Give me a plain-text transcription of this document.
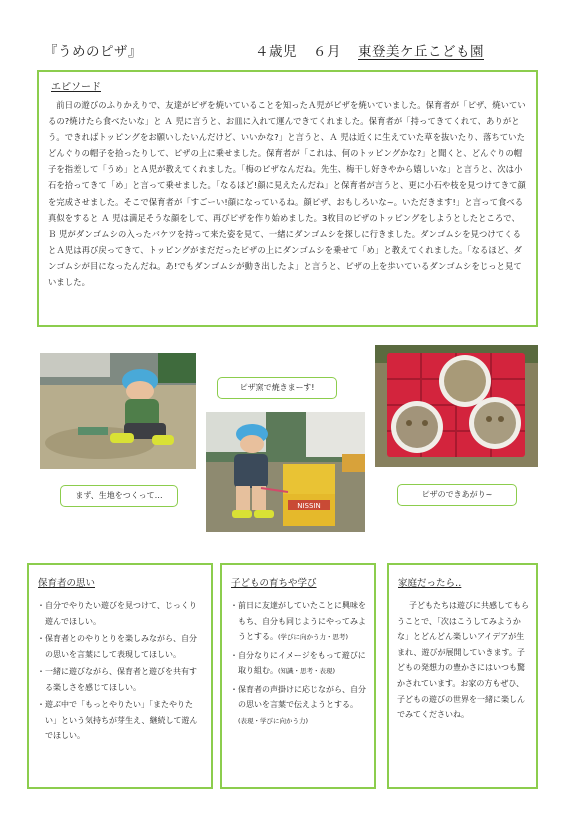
『うめのピザ』	４歳児 ６月 東登美ケ丘こども園
エピソード
前日の遊びのふりかえりで、友達がピザを焼いていることを知ったＡ児がピザを焼いていました。保育者が「ピザ、焼いているの?焼けたら食べたいな」と Ａ 児に言うと、お皿に入れて運んできてくれました。保育者が「持ってきてくれて、ありがとう。できればトッピングをお願いしたいんだけど、いいかな?」と言うと、Ａ 児は近くに生えていた草を抜いたり、落ちていたどんぐりの帽子を拾ったりして、ピザの上に乗せました。保育者が「これは、何のトッピングかな?」と聞くと、どんぐりの帽子を指差して「うめ」とＡ児が教えてくれました。「梅のピザなんだね。先生、梅干し好きやから嬉しいな」と言うと、次は小石を拾ってきて「め」と言って乗せました。「なるほど!顔に見えたんだね」と保育者が言うと、更に小石や枝を見つけてきて顔を完成させました。そこで保育者が「すごーい!顔になっているね。顔ピザ、おもしろいな~。いただきます!」と言って食べる真似をすると Ａ 児は満足そうな顔をして、再びピザを作り始めました。3枚目のピザのトッピングをしようとしたところで、Ｂ 児がダンゴムシの入ったバケツを持って来た姿を見て、一緒にダンゴムシを探しに行きました。ダンゴムシを見つけてくるとＡ児は再び戻ってきて、トッピングがまだだったピザの上にダンゴムシを乗せて「め」と教えてくれました。「なるほど、ダンゴムシが目になったんだね。あ!でもダンゴムシが動き出したよ」と言うと、ピザの上を歩いているダンゴムシをじっと見ていました。
まず、生地をつくって…
ピザ窯で焼きまーす!
NISSIN
ピザのできあがり~
保育者の思い
・自分でやりたい遊びを見つけて、じっくり遊んでほしい。
・保育者とのやりとりを楽しみながら、自分の思いを言葉にして表現してほしい。
・一緒に遊びながら、保育者と遊びを共有する楽しさを感じてほしい。
・遊ぶ中で「もっとやりたい」「またやりたい」という気持ちが芽生え、継続して遊んでほしい。
子どもの育ちや学び
・前日に友達がしていたことに興味をもち、自分も同じようにやってみようとする。(学びに向かう力・思考)
・自分なりにイメージをもって遊びに取り組む。(知識・思考・表現)
・保育者の声掛けに応じながら、自分の思いを言葉で伝えようとする。(表現・学びに向かう力)
家庭だったら‥

子どもたちは遊びに共感してもらうことで、「次はこうしてみようかな」とどんどん楽しいアイデアが生まれ、遊びが展開していきます。子どもの発想力の豊かさにはいつも驚かされています。お家の方もぜひ、子どもの遊びの世界を一緒に楽しんでみてくださいね。
